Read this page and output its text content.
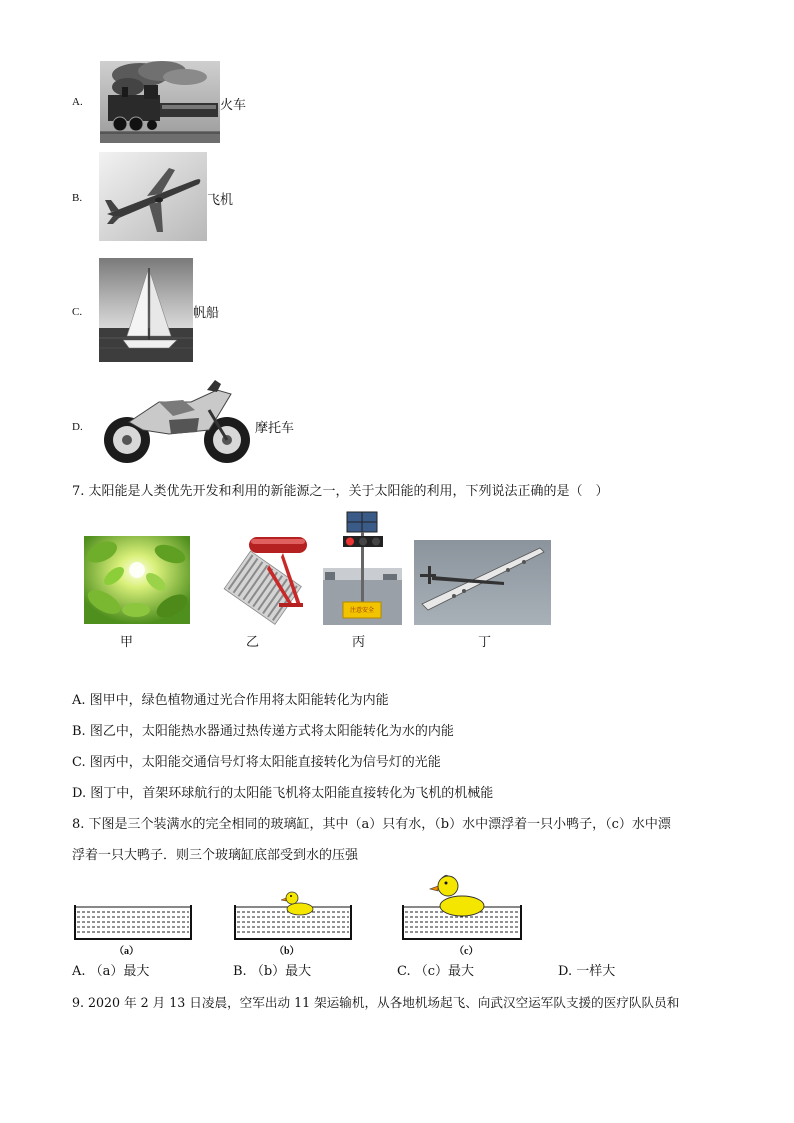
A.	火车
B.	飞机
C.	帆船
D.	摩托车
7. 太阳能是人类优先开发和利用的新能源之一，关于太阳能的利用，下列说法正确的是（　）
甲	乙
注意安全
丙	丁
A. 图甲中，绿色植物通过光合作用将太阳能转化为内能
B. 图乙中，太阳能热水器通过热传递方式将太阳能转化为水的内能
C. 图丙中，太阳能交通信号灯将太阳能直接转化为信号灯的光能
D. 图丁中，首架环球航行的太阳能飞机将太阳能直接转化为飞机的机械能
8. 下图是三个装满水的完全相同的玻璃缸，其中（a）只有水，（b）水中漂浮着一只小鸭子，（c）水中漂
浮着一只大鸭子．则三个玻璃缸底部受到水的压强
（a）	（b）	（c）
A. （a）最大	B. （b）最大	C. （c）最大	D. 一样大
9. 2020 年 2 月 13 日凌晨，空军出动 11 架运输机，从各地机场起飞、向武汉空运军队支援的医疗队队员和
